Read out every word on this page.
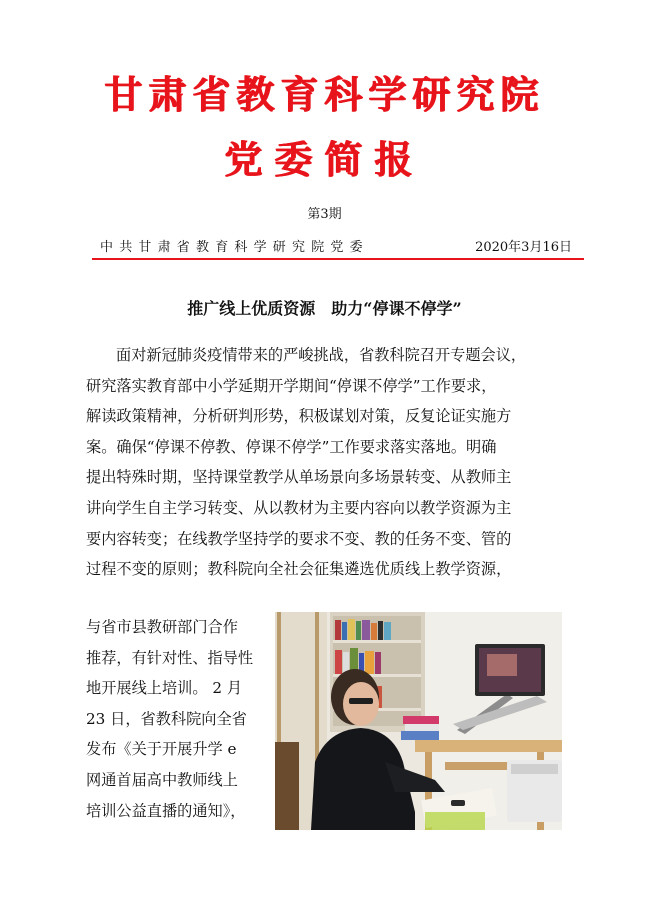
甘肃省教育科学研究院
党委简报
第3期
中共甘肃省教育科学研究院党委	2020年3月16日
推广线上优质资源　助力“停课不停学”
面对新冠肺炎疫情带来的严峻挑战，省教科院召开专题会议，
研究落实教育部中小学延期开学期间“停课不停学”工作要求，
解读政策精神，分析研判形势，积极谋划对策，反复论证实施方
案。确保“停课不停教、停课不停学”工作要求落实落地。明确
提出特殊时期，坚持课堂教学从单场景向多场景转变、从教师主
讲向学生自主学习转变、从以教材为主要内容向以教学资源为主
要内容转变；在线教学坚持学的要求不变、教的任务不变、管的
过程不变的原则；教科院向全社会征集遴选优质线上教学资源，
与省市县教研部门合作
推荐，有针对性、指导性
地开展线上培训。 2 月
23 日，省教科院向全省
发布《关于开展升学 e
网通首届高中教师线上
培训公益直播的通知》，
